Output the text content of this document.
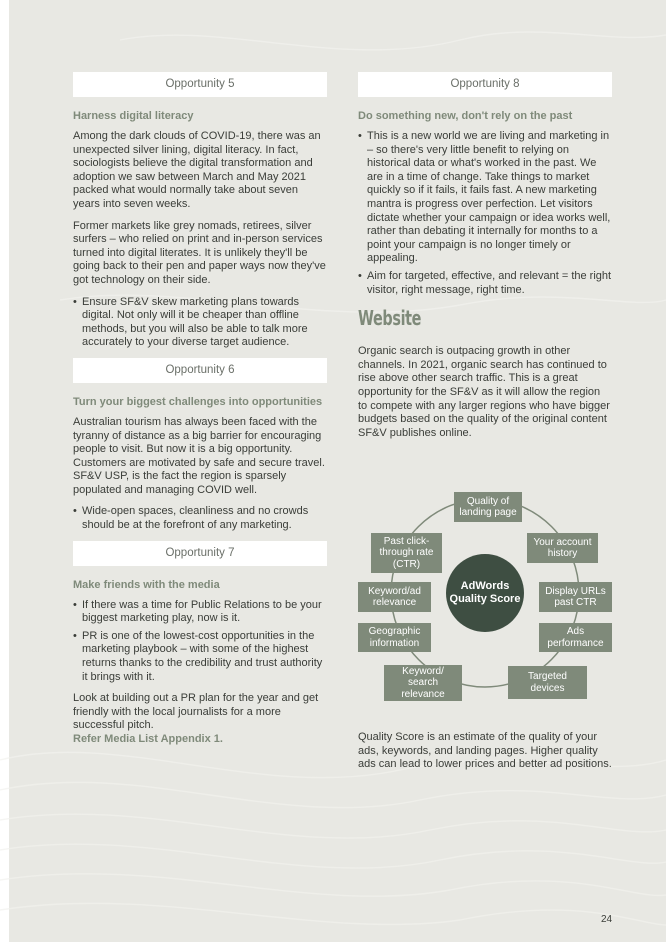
Opportunity 5
Harness digital literacy

Among the dark clouds of COVID-19, there was an unexpected silver lining, digital literacy. In fact, sociologists believe the digital transformation and adoption we saw between March and May 2021 packed what would normally take about seven years into seven weeks.

Former markets like grey nomads, retirees, silver surfers – who relied on print and in-person services turned into digital literates. It is unlikely they'll be going back to their pen and paper ways now they've got technology on their side.

• Ensure SF&V skew marketing plans towards digital. Not only will it be cheaper than offline methods, but you will also be able to talk more accurately to your diverse target audience.
Opportunity 6
Turn your biggest challenges into opportunities

Australian tourism has always been faced with the tyranny of distance as a big barrier for encouraging people to visit. But now it is a big opportunity. Customers are motivated by safe and secure travel. SF&V USP, is the fact the region is sparsely populated and managing COVID well.

• Wide-open spaces, cleanliness and no crowds should be at the forefront of any marketing.
Opportunity 7
Make friends with the media
• If there was a time for Public Relations to be your biggest marketing play, now is it.
• PR is one of the lowest-cost opportunities in the marketing playbook – with some of the highest returns thanks to the credibility and trust authority it brings with it.

Look at building out a PR plan for the year and get friendly with the local journalists for a more successful pitch.

Refer Media List Appendix 1.

Opportunity 8
Do something new, don't rely on the past
• This is a new world we are living and marketing in – so there's very little benefit to relying on historical data or what's worked in the past. We are in a time of change. Take things to market quickly so if it fails, it fails fast. A new marketing mantra is progress over perfection. Let visitors dictate whether your campaign or idea works well, rather than debating it internally for months to a point your campaign is no longer timely or appealing.
• Aim for targeted, effective, and relevant = the right visitor, right message, right time.
Website

Organic search is outpacing growth in other channels. In 2021, organic search has continued to rise above other search traffic. This is a great opportunity for the SF&V as it will allow the region to compete with any larger regions who have bigger budgets based on the quality of the original content SF&V publishes online.

AdWords Quality Score
Quality of landing page
Your account history
Display URLs past CTR
Ads performance
Targeted devices
Keyword/ search relevance
Geographic information
Keyword/ad relevance
Past click-through rate (CTR)

Quality Score is an estimate of the quality of your ads, keywords, and landing pages. Higher quality ads can lead to lower prices and better ad positions.

24
